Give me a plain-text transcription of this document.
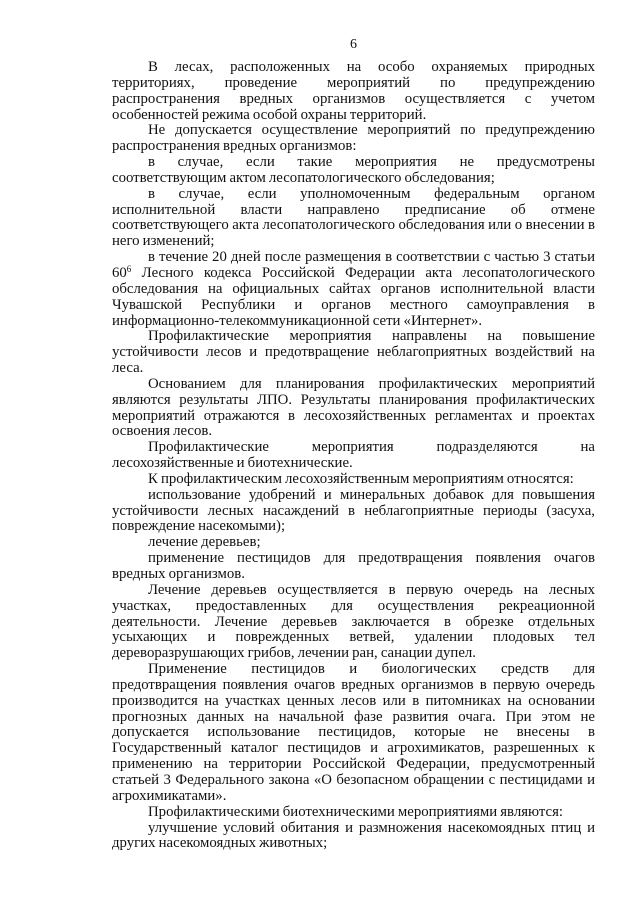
6

В лесах, расположенных на особо охраняемых природных территориях, проведение мероприятий по предупреждению распространения вредных организмов осуществляется с учетом особенностей режима особой охраны территорий.

Не допускается осуществление мероприятий по предупреждению распространения вредных организмов:

в случае, если такие мероприятия не предусмотрены соответствующим актом лесопатологического обследования;

в случае, если уполномоченным федеральным органом исполнительной власти направлено предписание об отмене соответствующего акта лесопатологического обследования или о внесении в него изменений;

в течение 20 дней после размещения в соответствии с частью 3 статьи $60^6$ Лесного кодекса Российской Федерации акта лесопатологического обследования на официальных сайтах органов исполнительной власти Чувашской Республики и органов местного самоуправления в информационно-телекоммуникационной сети «Интернет».

Профилактические мероприятия направлены на повышение устойчивости лесов и предотвращение неблагоприятных воздействий на леса.

Основанием для планирования профилактических мероприятий являются результаты ЛПО. Результаты планирования профилактических мероприятий отражаются в лесохозяйственных регламентах и проектах освоения лесов.

Профилактические мероприятия подразделяются на лесохозяйственные и биотехнические.

К профилактическим лесохозяйственным мероприятиям относятся:

использование удобрений и минеральных добавок для повышения устойчивости лесных насаждений в неблагоприятные периоды (засуха, повреждение насекомыми);

лечение деревьев;

применение пестицидов для предотвращения появления очагов вредных организмов.

Лечение деревьев осуществляется в первую очередь на лесных участках, предоставленных для осуществления рекреационной деятельности. Лечение деревьев заключается в обрезке отдельных усыхающих и поврежденных ветвей, удалении плодовых тел дереворазрушающих грибов, лечении ран, санации дупел.

Применение пестицидов и биологических средств для предотвращения появления очагов вредных организмов в первую очередь производится на участках ценных лесов или в питомниках на основании прогнозных данных на начальной фазе развития очага. При этом не допускается использование пестицидов, которые не внесены в Государственный каталог пестицидов и агрохимикатов, разрешенных к применению на территории Российской Федерации, предусмотренный статьей 3 Федерального закона «О безопасном обращении с пестицидами и агрохимикатами».

Профилактическими биотехническими мероприятиями являются:

улучшение условий обитания и размножения насекомоядных птиц и других насекомоядных животных;
